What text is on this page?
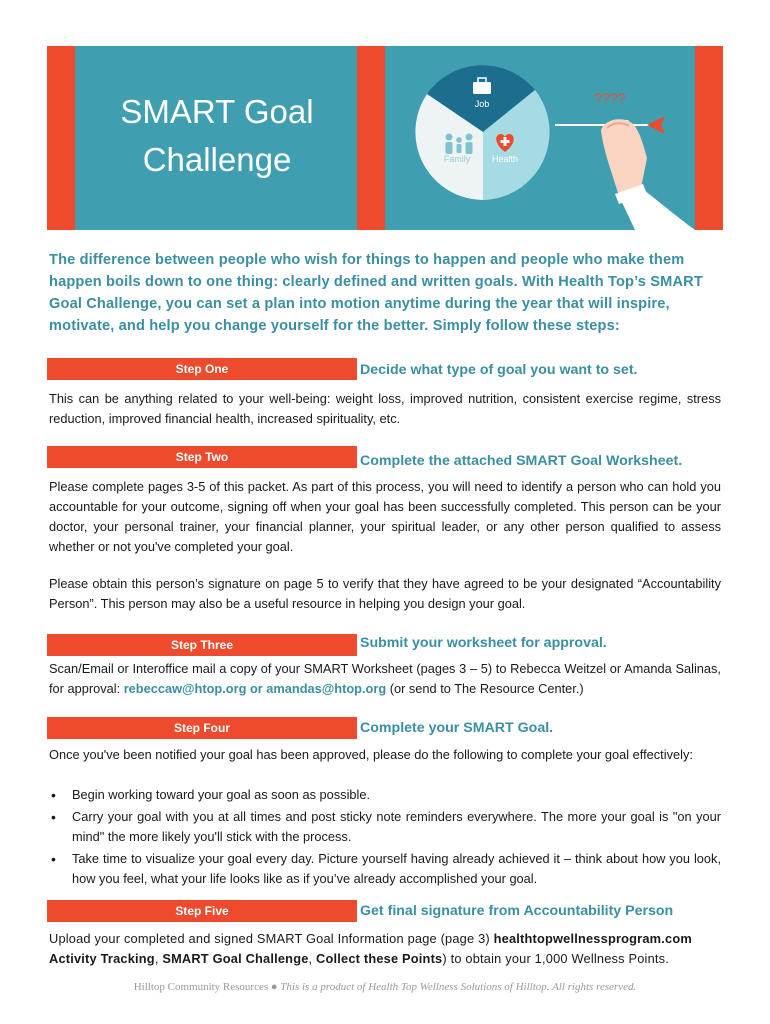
SMART Goal
Challenge
Job
Family Health
????
The difference between people who wish for things to happen and people who make them happen boils down to one thing: clearly defined and written goals. With Health Top’s SMART Goal Challenge, you can set a plan into motion anytime during the year that will inspire, motivate, and help you change yourself for the better. Simply follow these steps:
Step One	Decide what type of goal you want to set.
This can be anything related to your well-being: weight loss, improved nutrition, consistent exercise regime, stress reduction, improved financial health, increased spirituality, etc.
Step Two	Complete the attached SMART Goal Worksheet.
Please complete pages 3-5 of this packet. As part of this process, you will need to identify a person who can hold you accountable for your outcome, signing off when your goal has been successfully completed. This person can be your doctor, your personal trainer, your financial planner, your spiritual leader, or any other person qualified to assess whether or not you've completed your goal.
Please obtain this person’s signature on page 5 to verify that they have agreed to be your designated “Accountability Person”. This person may also be a useful resource in helping you design your goal.
Step Three	Submit your worksheet for approval.
Scan/Email or Interoffice mail a copy of your SMART Worksheet (pages 3 – 5) to Rebecca Weitzel or Amanda Salinas, for approval: rebeccaw@htop.org or amandas@htop.org (or send to The Resource Center.)
Step Four	Complete your SMART Goal.
Once you've been notified your goal has been approved, please do the following to complete your goal effectively:
• Begin working toward your goal as soon as possible.
• Carry your goal with you at all times and post sticky note reminders everywhere. The more your goal is "on your mind" the more likely you'll stick with the process.
• Take time to visualize your goal every day. Picture yourself having already achieved it – think about how you look, how you feel, what your life looks like as if you’ve already accomplished your goal.
Step Five	Get final signature from Accountability Person
Upload your completed and signed SMART Goal Information page (page 3) healthtopwellnessprogram.com
Activity Tracking, SMART Goal Challenge, Collect these Points) to obtain your 1,000 Wellness Points.
Hilltop Community Resources ● This is a product of Health Top Wellness Solutions of Hilltop. All rights reserved.
